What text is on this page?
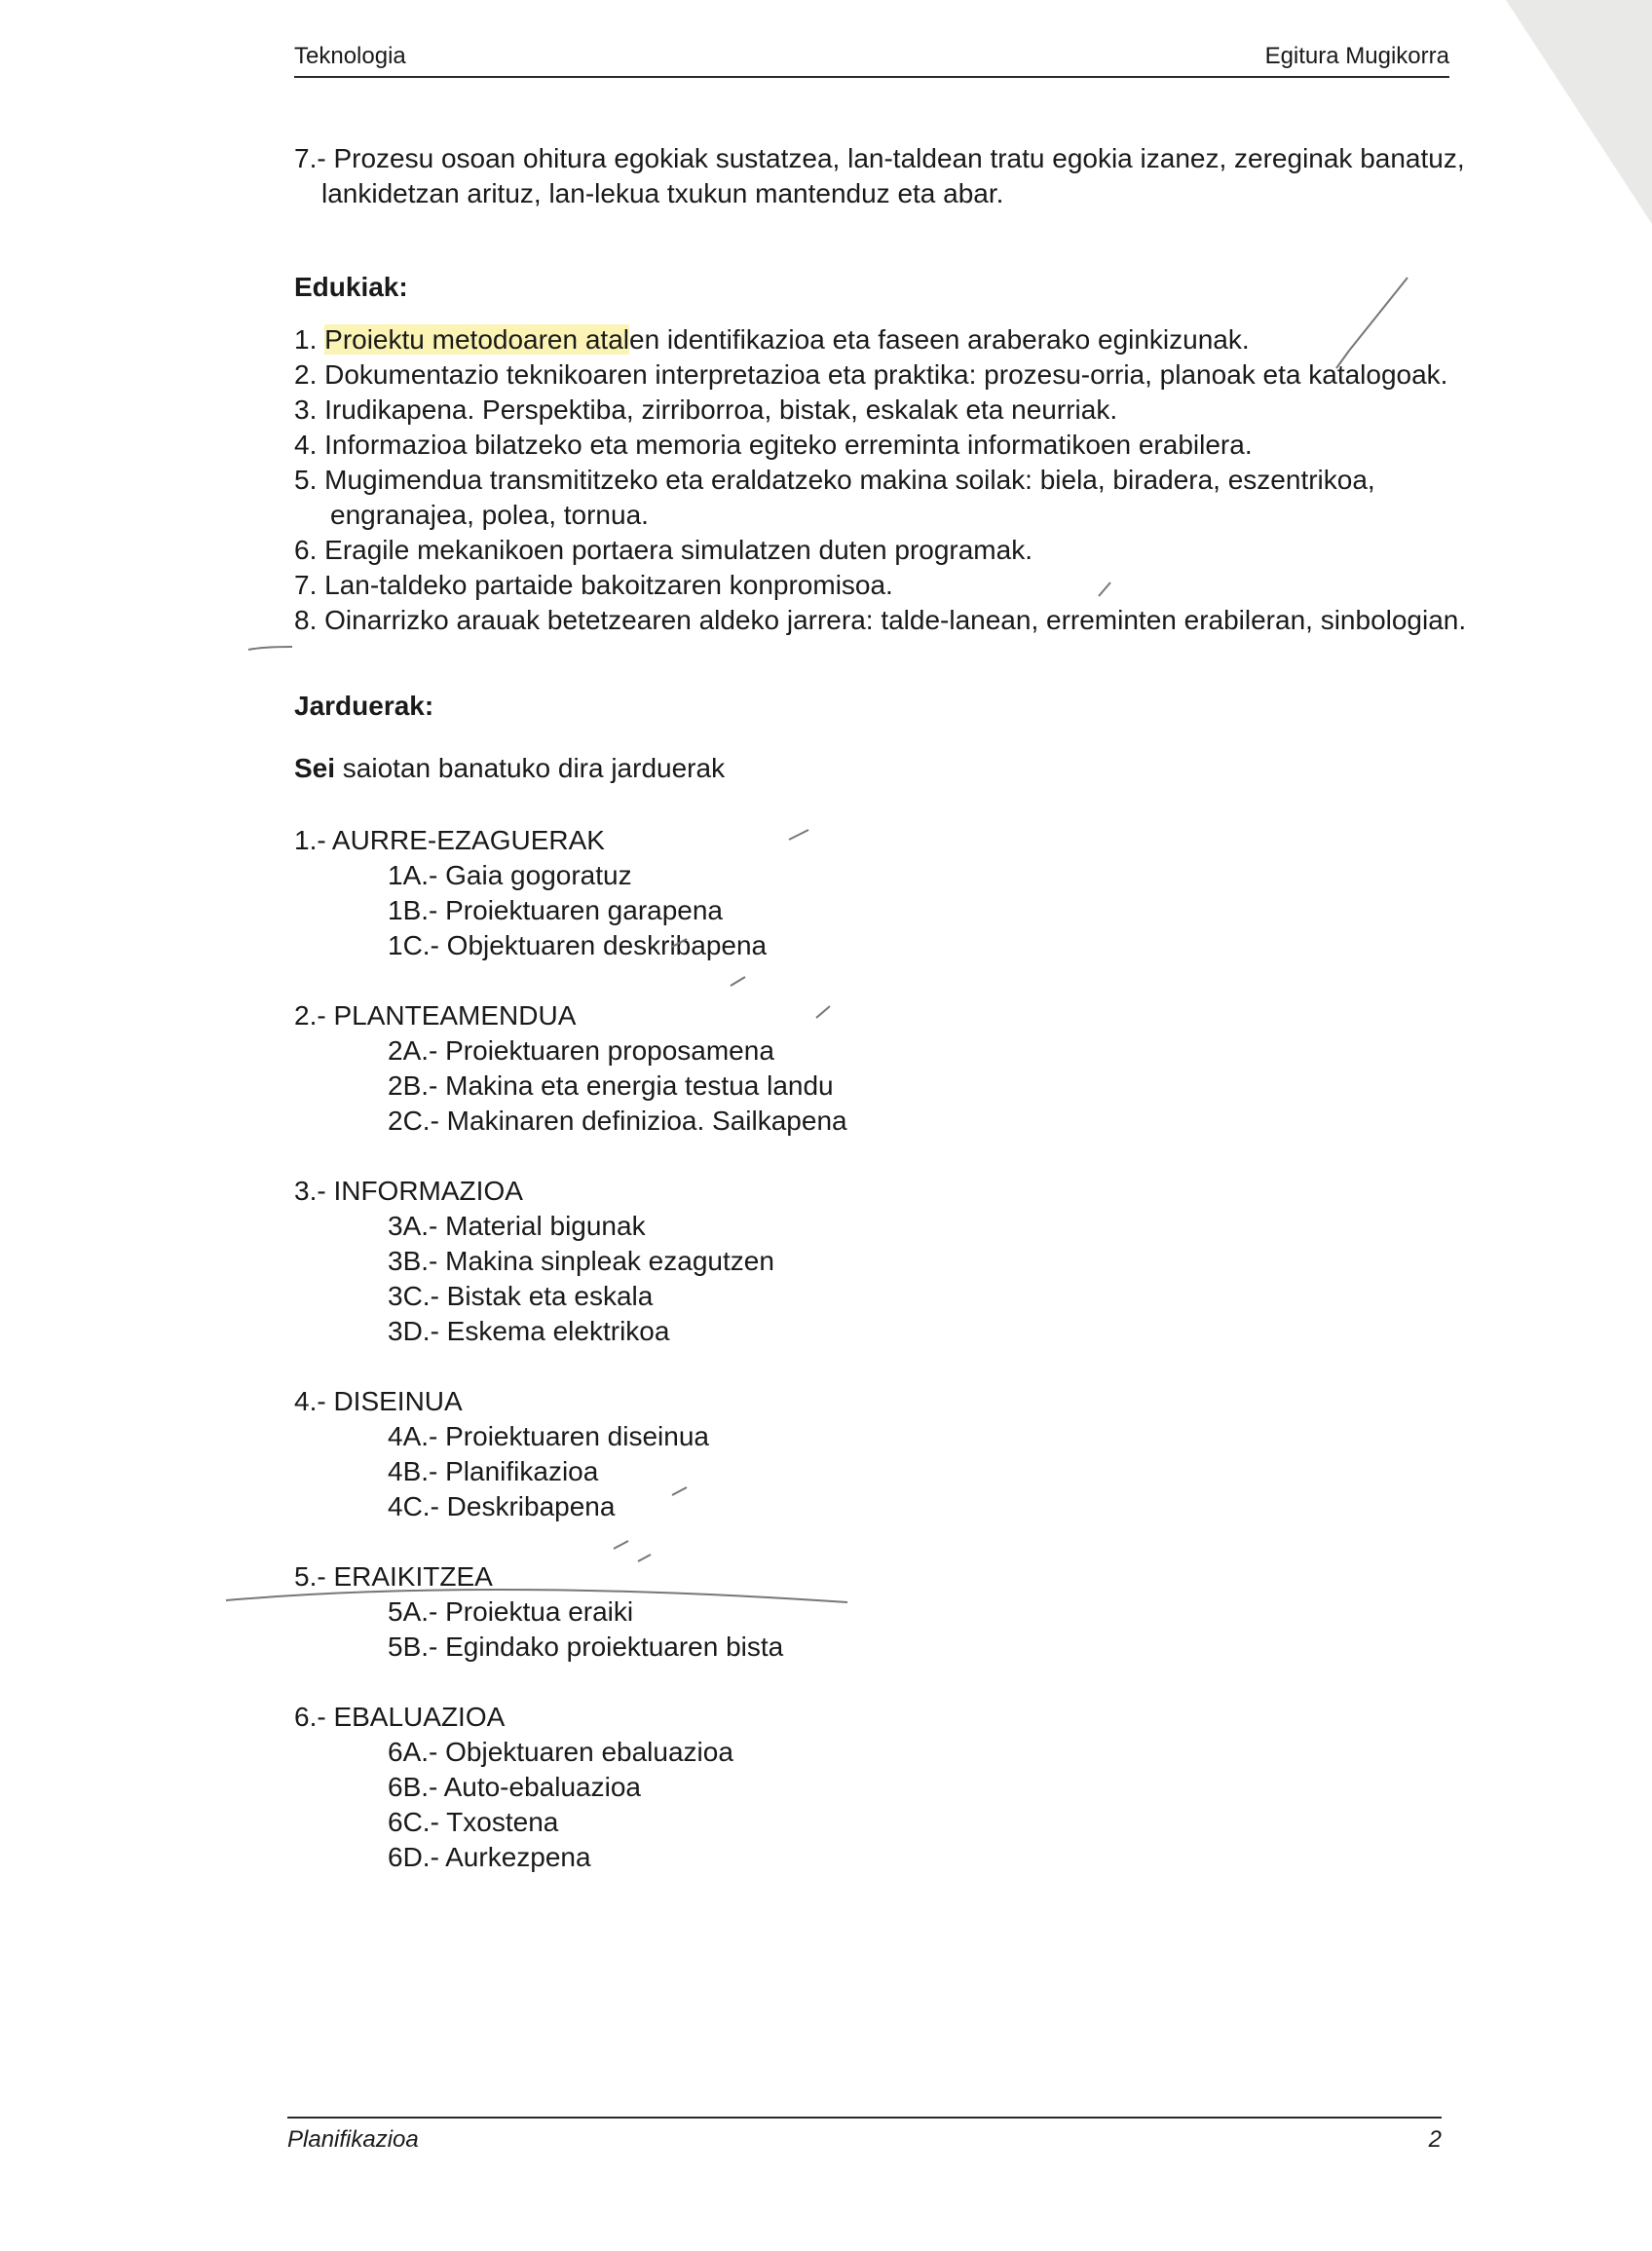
Teknologia	Egitura Mugikorra

7.- Prozesu osoan ohitura egokiak sustatzea, lan-taldean tratu egokia izanez, zereginak banatuz, lankidetzan arituz, lan-lekua txukun mantenduz eta abar.

Edukiak:

1. Proiektu metodoaren atalen identifikazioa eta faseen araberako eginkizunak.
2. Dokumentazio teknikoaren interpretazioa eta praktika: prozesu-orria, planoak eta katalogoak.
3. Irudikapena. Perspektiba, zirriborroa, bistak, eskalak eta neurriak.
4. Informazioa bilatzeko eta memoria egiteko erreminta informatikoen erabilera.
5. Mugimendua transmititzeko eta eraldatzeko makina soilak: biela, biradera, eszentrikoa, engranajea, polea, tornua.
6. Eragile mekanikoen portaera simulatzen duten programak.
7. Lan-taldeko partaide bakoitzaren konpromisoa.
8. Oinarrizko arauak betetzearen aldeko jarrera: talde-lanean, erreminten erabileran, sinbologian.

Jarduerak:

Sei saiotan banatuko dira jarduerak

1.- AURRE-EZAGUERAK

1A.- Gaia gogoratuz
1B.- Proiektuaren garapena
1C.- Objektuaren deskribapena

2.- PLANTEAMENDUA

2A.- Proiektuaren proposamena
2B.- Makina eta energia testua landu
2C.- Makinaren definizioa. Sailkapena

3.- INFORMAZIOA

3A.- Material bigunak
3B.- Makina sinpleak ezagutzen
3C.- Bistak eta eskala
3D.- Eskema elektrikoa

4.- DISEINUA

4A.- Proiektuaren diseinua
4B.- Planifikazioa
4C.- Deskribapena

5.- ERAIKITZEA

5A.- Proiektua eraiki
5B.- Egindako proiektuaren bista

6.- EBALUAZIOA

6A.- Objektuaren ebaluazioa
6B.- Auto-ebaluazioa
6C.- Txostena
6D.- Aurkezpena
Planifikazioa	2
